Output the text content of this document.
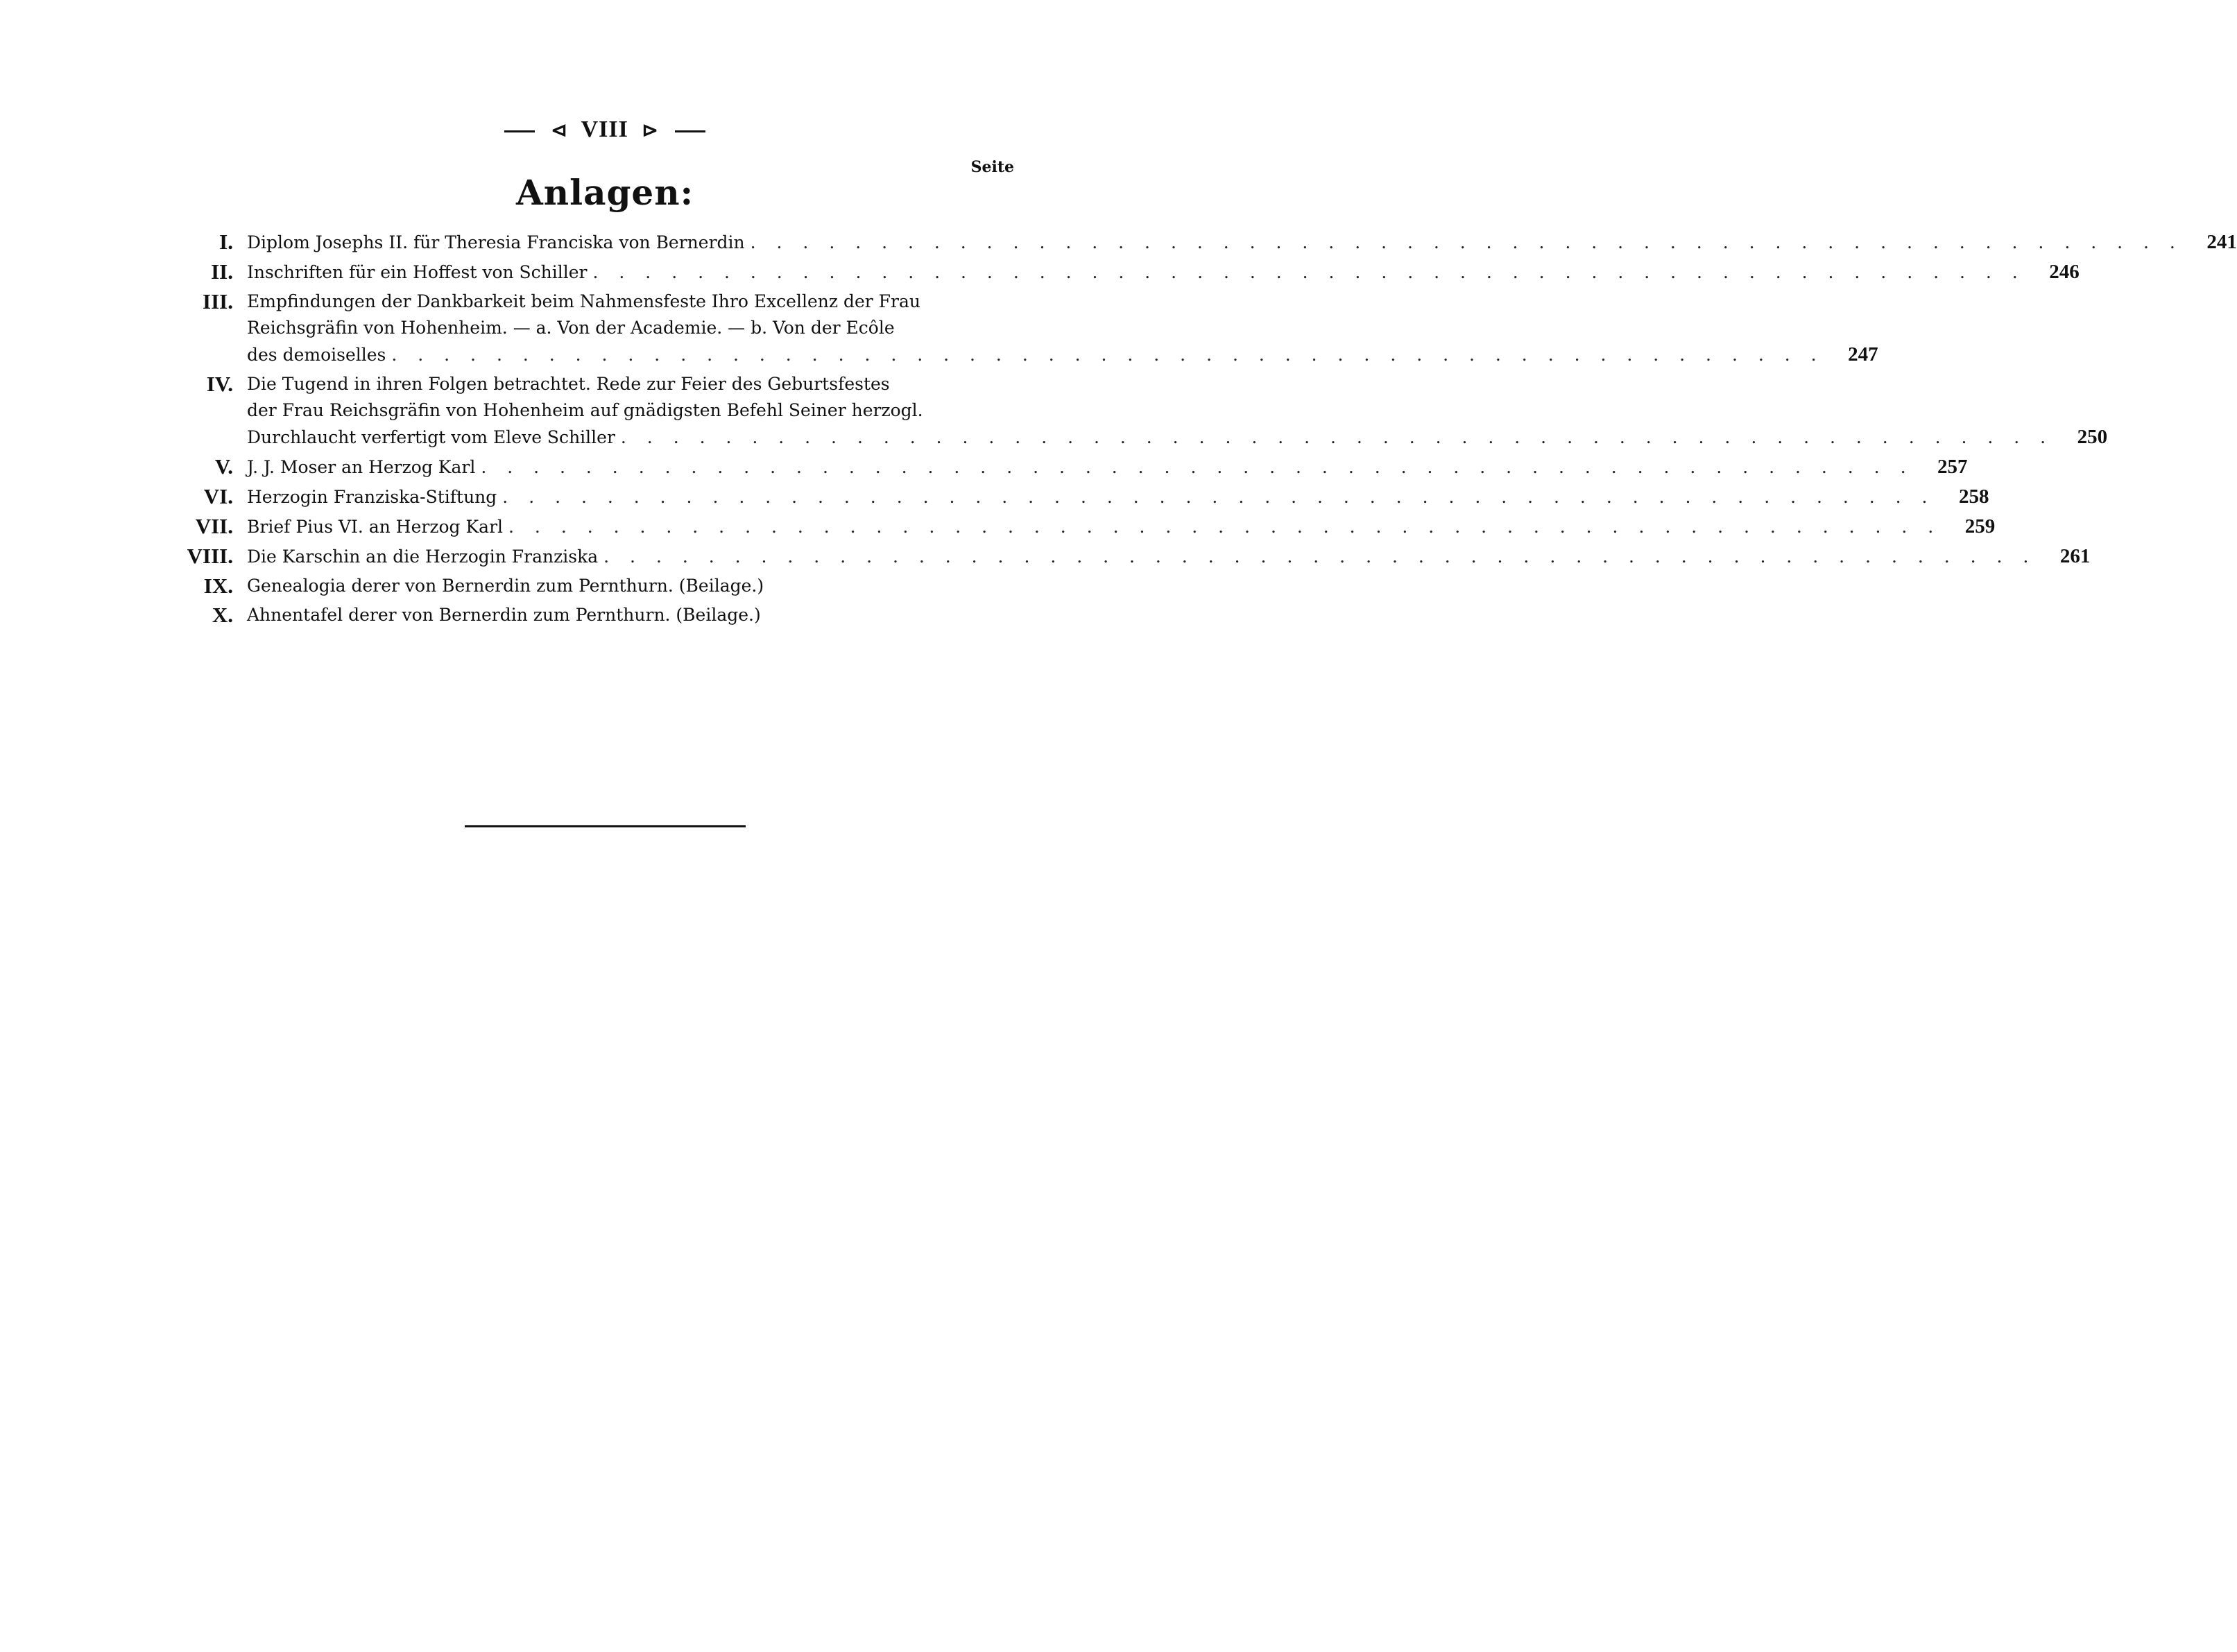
⊲ VIII ⊳
Seite
Anlagen:
I. Diplom Josephs II. für Theresia Franciska von Bernerdin . . . . . . . . . . . . . . . . . . . . . . . . . . . . . . . . . . . . . . . . . . . . . . . . . . . . . . .	241
II. Inschriften für ein Hoffest von Schiller . . . . . . . . . . . . . . . . . . . . . . . . . . . . . . . . . . . . . . . . . . . . . . . . . . . . . . .	246
III. Empfindungen der Dankbarkeit beim Nahmensfeste Ihro Excellenz der Frau
Reichsgräfin von Hohenheim. — a. Von der Academie. — b. Von der Ecôle
des demoiselles . . . . . . . . . . . . . . . . . . . . . . . . . . . . . . . . . . . . . . . . . . . . . . . . . . . . . . .	247
IV. Die Tugend in ihren Folgen betrachtet. Rede zur Feier des Geburtsfestes
der Frau Reichsgräfin von Hohenheim auf gnädigsten Befehl Seiner herzogl.
Durchlaucht verfertigt vom Eleve Schiller . . . . . . . . . . . . . . . . . . . . . . . . . . . . . . . . . . . . . . . . . . . . . . . . . . . . . . .	250
V. J. J. Moser an Herzog Karl . . . . . . . . . . . . . . . . . . . . . . . . . . . . . . . . . . . . . . . . . . . . . . . . . . . . . . .	257
VI. Herzogin Franziska-Stiftung . . . . . . . . . . . . . . . . . . . . . . . . . . . . . . . . . . . . . . . . . . . . . . . . . . . . . . .	258
VII. Brief Pius VI. an Herzog Karl . . . . . . . . . . . . . . . . . . . . . . . . . . . . . . . . . . . . . . . . . . . . . . . . . . . . . . .	259
VIII. Die Karschin an die Herzogin Franziska . . . . . . . . . . . . . . . . . . . . . . . . . . . . . . . . . . . . . . . . . . . . . . . . . . . . . . .	261
IX. Genealogia derer von Bernerdin zum Pernthurn. (Beilage.)
X. Ahnentafel derer von Bernerdin zum Pernthurn. (Beilage.)
